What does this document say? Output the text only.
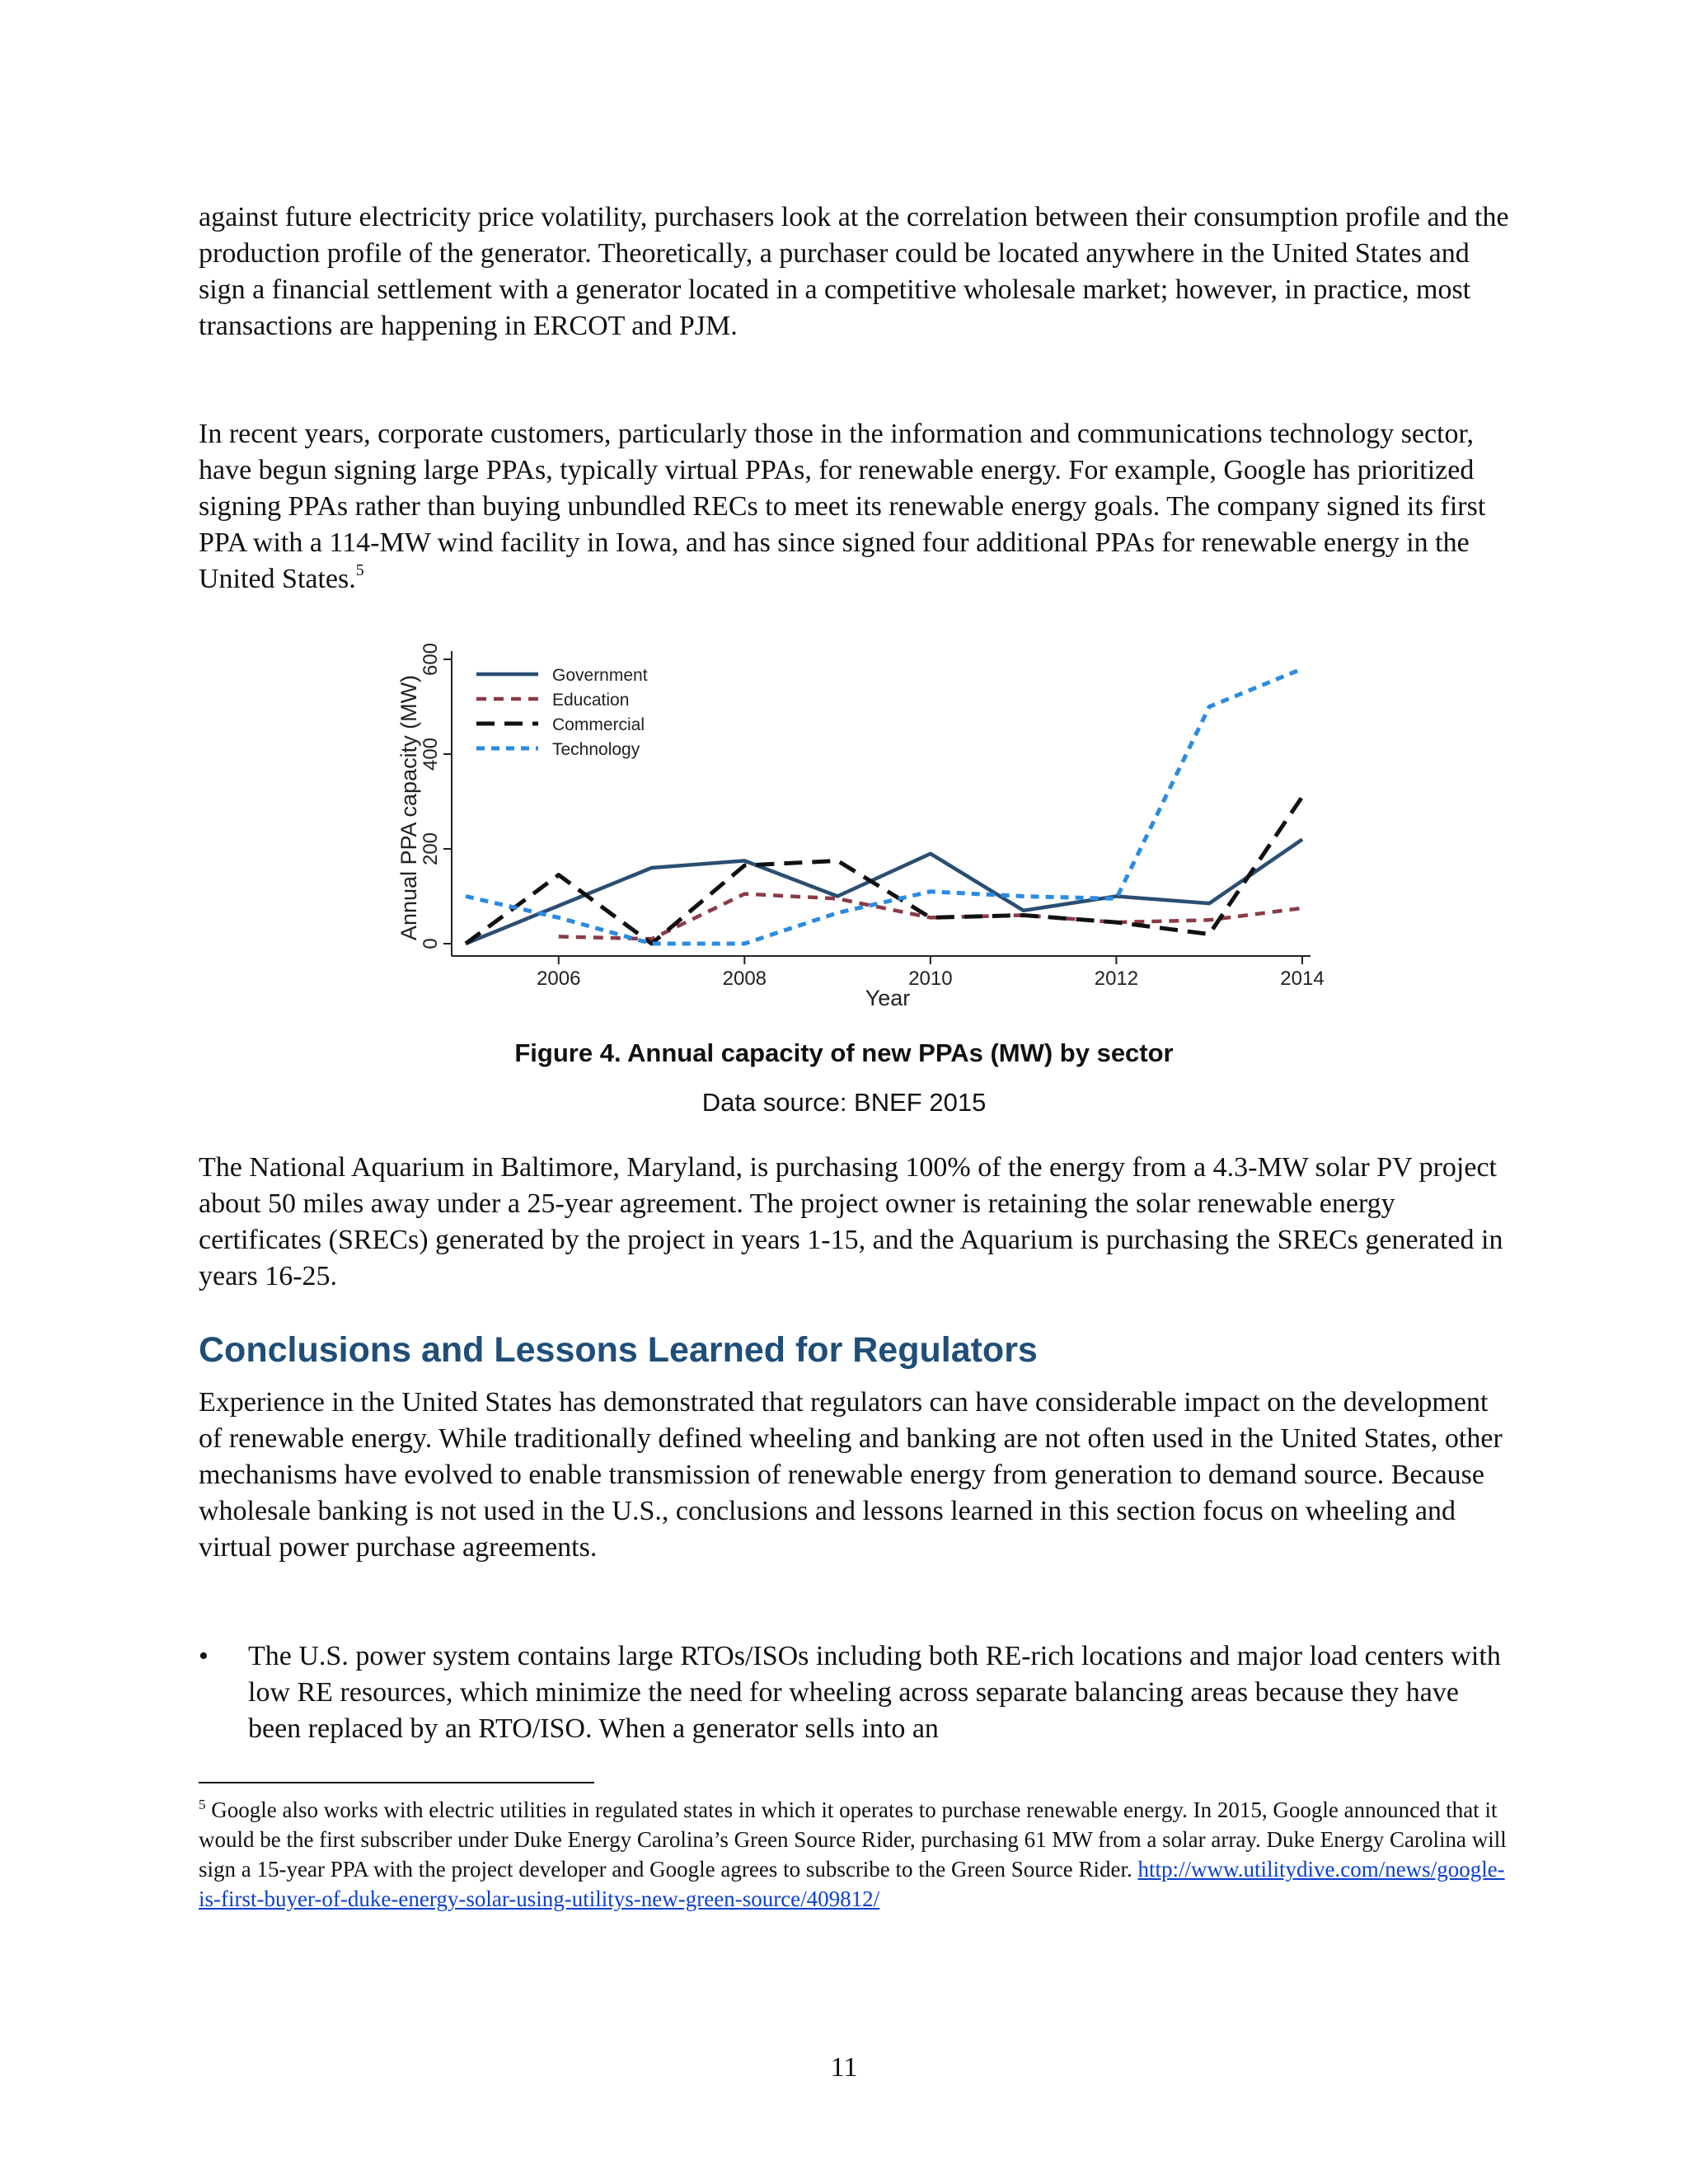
against future electricity price volatility, purchasers look at the correlation between their consumption profile and the production profile of the generator. Theoretically, a purchaser could be located anywhere in the United States and sign a financial settlement with a generator located in a competitive wholesale market; however, in practice, most transactions are happening in ERCOT and PJM.

In recent years, corporate customers, particularly those in the information and communications technology sector, have begun signing large PPAs, typically virtual PPAs, for renewable energy. For example, Google has prioritized signing PPAs rather than buying unbundled RECs to meet its renewable energy goals. The company signed its first PPA with a 114-MW wind facility in Iowa, and has since signed four additional PPAs for renewable energy in the United States.$^5$

0
200
400
600
2006	2008	2010	2012	2014
Government
Education
Commercial
Technology
Year
Annual PPA capacity (MW)

Figure 4. Annual capacity of new PPAs (MW) by sector

Data source: BNEF 2015

The National Aquarium in Baltimore, Maryland, is purchasing 100% of the energy from a 4.3-MW solar PV project about 50 miles away under a 25-year agreement. The project owner is retaining the solar renewable energy certificates (SRECs) generated by the project in years 1-15, and the Aquarium is purchasing the SRECs generated in years 16-25.

Conclusions and Lessons Learned for Regulators

Experience in the United States has demonstrated that regulators can have considerable impact on the development of renewable energy. While traditionally defined wheeling and banking are not often used in the United States, other mechanisms have evolved to enable transmission of renewable energy from generation to demand source. Because wholesale banking is not used in the U.S., conclusions and lessons learned in this section focus on wheeling and virtual power purchase agreements.

• The U.S. power system contains large RTOs/ISOs including both RE-rich locations and major load centers with low RE resources, which minimize the need for wheeling across separate balancing areas because they have been replaced by an RTO/ISO. When a generator sells into an

$^5$ Google also works with electric utilities in regulated states in which it operates to purchase renewable energy. In 2015, Google announced that it would be the first subscriber under Duke Energy Carolina’s Green Source Rider, purchasing 61 MW from a solar array. Duke Energy Carolina will sign a 15-year PPA with the project developer and Google agrees to subscribe to the Green Source Rider. http://www.utilitydive.com/news/google-is-first-buyer-of-duke-energy-solar-using-utilitys-new-green-source/409812/

11
